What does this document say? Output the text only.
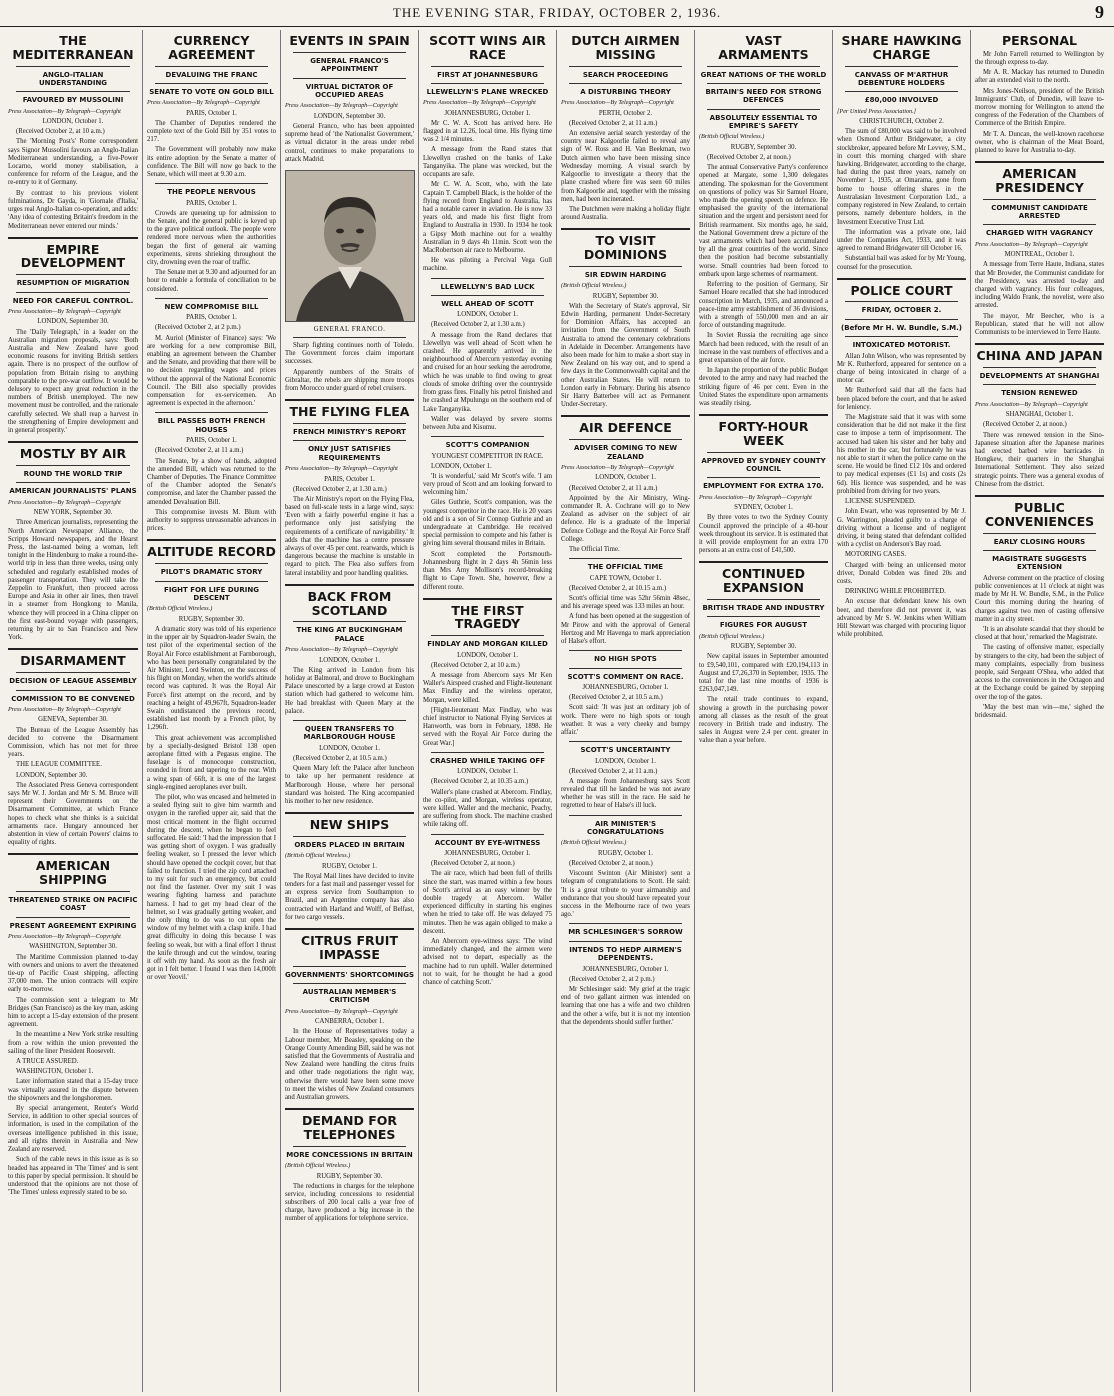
THE EVENING STAR, FRIDAY, OCTOBER 2, 1936.	9
THE MEDITERRANEAN
ANGLO-ITALIAN UNDERSTANDING
FAVOURED BY MUSSOLINI
Press Association—By Telegraph—Copyright
LONDON, October 1.

(Received October 2, at 10 a.m.)

The 'Morning Post's' Rome correspondent says Signor Mussolini favours an Anglo-Italian Mediterranean understanding, a five-Power Locarno, world money stabilisation, a conference for reform of the League, and the re-entry to it of Germany.

By contrast to his previous violent fulminations, Dr Gayda, in 'Giornale d'Italia,' urges real Anglo-Italian co-operation, and adds: 'Any idea of contesting Britain's freedom in the Mediterranean never entered our minds.'

EMPIRE DEVELOPMENT
RESUMPTION OF MIGRATION
NEED FOR CAREFUL CONTROL.
Press Association—By Telegraph—Copyright
LONDON, September 30.

The 'Daily Telegraph,' in a leader on the Australian migration proposals, says: 'Both Australia and New Zealand have good economic reasons for inviting British settlers again. There is no prospect of the outflow of population from Britain rising to anything comparable to the pre-war outflow. It would be delusory to expect any great reduction in the numbers of British unemployed. The new movement must be controlled, and the rationale carefully selected. We shall reap a harvest in the strengthening of Empire development and in general prosperity.'

MOSTLY BY AIR
ROUND THE WORLD TRIP
AMERICAN JOURNALISTS' PLANS
Press Association—By Telegraph—Copyright
NEW YORK, September 30.

Three American journalists, representing the North American Newspaper Alliance, the Scripps Howard newspapers, and the Hearst Press, the last-named being a woman, left tonight in the Hindenburg to make a round-the-world trip in less than three weeks, using only scheduled and regularly established modes of passenger transportation. They will take the Zeppelin to Frankfurt, then proceed across Europe and Asia in other air lines, then travel in a steamer from Hongkong to Manila, whence they will proceed in a China clipper on the first east-bound voyage with passengers, returning by air to San Francisco and New York.

DISARMAMENT
DECISION OF LEAGUE ASSEMBLY
COMMISSION TO BE CONVENED
Press Association—By Telegraph—Copyright
GENEVA, September 30.

The Bureau of the League Assembly has decided to convene the Disarmament Commission, which has not met for three years.

THE LEAGUE COMMITTEE.

LONDON, September 30.

The Associated Press Geneva correspondent says Mr W. J. Jordan and Mr S. M. Bruce will represent their Governments on the Disarmament Committee, at which France hopes to check what she thinks is a suicidal armaments race. Hungary announced her abstention in view of certain Powers' claims to equality of rights.

AMERICAN SHIPPING
THREATENED STRIKE ON PACIFIC COAST
PRESENT AGREEMENT EXPIRING
Press Association—By Telegraph—Copyright
WASHINGTON, September 30.

The Maritime Commission planned to-day with owners and unions to avert the threatened tie-up of Pacific Coast shipping, affecting 37,000 men. The union contracts will expire early to-morrow.

The commission sent a telegram to Mr Bridges (San Francisco) as the key man, asking him to accept a 15-day extension of the present agreement.

In the meantime a New York strike resulting from a row within the union prevented the sailing of the liner President Roosevelt.

A TRUCE ASSURED.

WASHINGTON, October 1.

Later information stated that a 15-day truce was virtually assured in the dispute between the shipowners and the longshoremen.

By special arrangement, Reuter's World Service, in addition to other special sources of information, is used in the compilation of the overseas intelligence published in this issue, and all rights therein in Australia and New Zealand are reserved.

Such of the cable news in this issue as is so headed has appeared in 'The Times' and is sent to this paper by special permission. It should be understood that the opinions are not those of 'The Times' unless expressly stated to be so.

CURRENCY AGREEMENT
DEVALUING THE FRANC
SENATE TO VOTE ON GOLD BILL
Press Association—By Telegraph—Copyright
PARIS, October 1.

The Chamber of Deputies rendered the complete text of the Gold Bill by 351 votes to 217.

The Government will probably now make its entire adoption by the Senate a matter of confidence. The Bill will now go back to the Senate, which will meet at 9.30 a.m.

THE PEOPLE NERVOUS
PARIS, October 1.

Crowds are queueing up for admission to the Senate, and the general public is keyed up to the grave political outlook. The people were rendered more nervous when the authorities began the first of general air warning experiments, sirens shrieking throughout the city, drowning even the roar of traffic.

The Senate met at 9.30 and adjourned for an hour to enable a formula of conciliation to be considered.

NEW COMPROMISE BILL
PARIS, October 1.

(Received October 2, at 2 p.m.)

M. Auriol (Minister of Finance) says: 'We are working for a new compromise Bill, enabling an agreement between the Chamber and the Senate, and providing that there will be no decision regarding wages and prices without the approval of the National Economic Council. The Bill also specially provides compensation for ex-servicemen. An agreement is expected in the afternoon.'

BILL PASSES BOTH FRENCH HOUSES
PARIS, October 1.

(Received October 2, at 11 a.m.)

The Senate, by a show of hands, adopted the amended Bill, which was returned to the Chamber of Deputies. The Finance Committee of the Chamber adopted the Senate's compromise, and later the Chamber passed the amended Devaluation Bill.

This compromise invests M. Blum with authority to suppress unreasonable advances in prices.

ALTITUDE RECORD
PILOT'S DRAMATIC STORY
FIGHT FOR LIFE DURING DESCENT
(British Official Wireless.)
RUGBY, September 30.

A dramatic story was told of his experience in the upper air by Squadron-leader Swain, the test pilot of the experimental section of the Royal Air Force establishment at Farnborough, who has been personally congratulated by the Air Minister, Lord Swinton, on the success of his flight on Monday, when the world's altitude record was captured. It was the Royal Air Force's first attempt on the record, and by reaching a height of 49,967ft, Squadron-leader Swain outdistanced the previous record, established last month by a French pilot, by 1,296ft.

This great achievement was accomplished by a specially-designed Bristol 138 open aeroplane fitted with a Pegasus engine. The fuselage is of monocoque construction, rounded in front and tapering to the rear. With a wing span of 66ft, it is one of the largest single-engined aeroplanes ever built.

The pilot, who was encased and helmeted in a sealed flying suit to give him warmth and oxygen in the rarefied upper air, said that the most critical moment in the flight occurred during the descent, when he began to feel suffocated. He said: 'I had the impression that I was getting short of oxygen. I was gradually feeling weaker, so I pressed the lever which should have opened the cockpit cover, but that failed to function. I tried the zip cord attached to my suit for such an emergency, but could not find the fastener. Over my suit I was wearing fighting harness and parachute harness. I had to get my head clear of the helmet, so I was gradually getting weaker, and the only thing to do was to cut open the window of my helmet with a clasp knife. I had great difficulty in doing this because I was feeling so weak, but with a final effort I thrust the knife through and cut the window, tearing it off with my hand. As soon as the fresh air got in I felt better. I found I was then 14,000ft or over Yeovil.'

EVENTS IN SPAIN
GENERAL FRANCO'S APPOINTMENT
VIRTUAL DICTATOR OF OCCUPIED AREAS
Press Association—By Telegraph—Copyright
LONDON, September 30.

General Franco, who has been appointed supreme head of 'the Nationalist Government,' as virtual dictator in the areas under rebel control, continues to make preparations to attack Madrid.

GENERAL FRANCO.

Sharp fighting continues north of Toledo. The Government forces claim important successes.

Apparently numbers of the Straits of Gibraltar, the rebels are shipping more troops from Morocco under guard of rebel cruisers.

THE FLYING FLEA
FRENCH MINISTRY'S REPORT
ONLY JUST SATISFIES REQUIREMENTS
Press Association—By Telegraph—Copyright
PARIS, October 1.

(Received October 2, at 1.30 a.m.)

The Air Ministry's report on the Flying Flea, based on full-scale tests in a large wind, says: 'Even with a fairly powerful engine it has a performance only just satisfying the requirements of a certificate of navigability.' It adds that the machine has a centre pressure always of over 45 per cent. rearwards, which is dangerous because the machine is unstable in regard to pitch. The Flea also suffers from lateral instability and poor handling qualities.

BACK FROM SCOTLAND
THE KING AT BUCKINGHAM PALACE
Press Association—By Telegraph—Copyright
LONDON, October 1.

The King arrived in London from his holiday at Balmoral, and drove to Buckingham Palace unescorted by a large crowd at Euston station which had gathered to welcome him. He had breakfast with Queen Mary at the palace.

QUEEN TRANSFERS TO MARLBOROUGH HOUSE
LONDON, October 1.

(Received October 2, at 10.5 a.m.)

Queen Mary left the Palace after luncheon to take up her permanent residence at Marlborough House, where her personal standard was hoisted. The King accompanied his mother to her new residence.

NEW SHIPS
ORDERS PLACED IN BRITAIN
(British Official Wireless.)
RUGBY, October 1.

The Royal Mail lines have decided to invite tenders for a fast mail and passenger vessel for an express service from Southampton to Brazil, and an Argentine company has also contracted with Harland and Wolff, of Belfast, for two cargo vessels.

CITRUS FRUIT IMPASSE
GOVERNMENTS' SHORTCOMINGS
AUSTRALIAN MEMBER'S CRITICISM
Press Association—By Telegraph—Copyright
CANBERRA, October 1.

In the House of Representatives today a Labour member, Mr Beasley, speaking on the Orange County Amending Bill, said he was not satisfied that the Governments of Australia and New Zealand were handling the citrus fruits and other trade negotiations the right way, otherwise there would have been some move to meet the wishes of New Zealand consumers and Australian growers.

DEMAND FOR TELEPHONES
MORE CONCESSIONS IN BRITAIN
(British Official Wireless.)
RUGBY, September 30.

The reductions in charges for the telephone service, including concessions to residential subscribers of 200 local calls a year free of charge, have produced a big increase in the number of applications for telephone service.

SCOTT WINS AIR RACE
FIRST AT JOHANNESBURG
LLEWELLYN'S PLANE WRECKED
Press Association—By Telegraph—Copyright
JOHANNESBURG, October 1.

Mr C. W. A. Scott has arrived here. He flagged in at 12.26, local time. His flying time was 2 1/4 minutes.

A message from the Rand states that Llewellyn crashed on the banks of Lake Tanganyika. The plane was wrecked, but the occupants are safe.

Mr C. W. A. Scott, who, with the late Captain T. Campbell Black, is the holder of the flying record from England to Australia, has had a notable career in aviation. He is now 33 years old, and made his first flight from England to Australia in 1930. In 1934 he took a Gipsy Moth machine out for a wealthy Australian in 9 days 4h 11min. Scott won the MacRobertson air race to Melbourne.

He was piloting a Percival Vega Gull machine.

LLEWELLYN'S BAD LUCK
WELL AHEAD OF SCOTT
LONDON, October 1.

(Received October 2, at 1.30 a.m.)

A message from the Rand declares that Llewellyn was well ahead of Scott when he crashed. He apparently arrived in the neighbourhood of Abercorn yesterday evening and cruised for an hour seeking the aerodrome, which he was unable to find owing to great clouds of smoke drifting over the countryside from grass fires. Finally his petrol finished and he crashed at Mpulungu on the southern end of Lake Tanganyika.

Waller was delayed by severe storms between Juba and Kisumu.

SCOTT'S COMPANION
YOUNGEST COMPETITOR IN RACE.

LONDON, October 1.

'It is wonderful,' said Mr Scott's wife. 'I am very proud of Scott and am looking forward to welcoming him.'

Giles Guthrie, Scott's companion, was the youngest competitor in the race. He is 20 years old and is a son of Sir Connop Guthrie and an undergraduate at Cambridge. He received special permission to compete and his father is giving him several thousand miles in Britain.

Scott completed the Portsmouth-Johannesburg flight in 2 days 4h 56min less than Mrs Amy Mollison's record-breaking flight to Cape Town. She, however, flew a different route.

THE FIRST TRAGEDY
FINDLAY AND MORGAN KILLED
LONDON, October 1.

(Received October 2, at 10 a.m.)

A message from Abercorn says Mr Ken Waller's Airspeed crashed and Flight-lieutenant Max Findlay and the wireless operator, Morgan, were killed.

[Flight-lieutenant Max Findlay, who was chief instructor to National Flying Services at Hanworth, was born in February, 1898. He served with the Royal Air Force during the Great War.]

CRASHED WHILE TAKING OFF
LONDON, October 1.

(Received October 2, at 10.35 a.m.)

Waller's plane crashed at Abercorn. Findlay, the co-pilot, and Morgan, wireless operator, were killed. Waller and the mechanic, Peachy, are suffering from shock. The machine crashed while taking off.

ACCOUNT BY EYE-WITNESS
JOHANNESBURG, October 1.

(Received October 2, at noon.)

The air race, which had been full of thrills since the start, was marred within a few hours of Scott's arrival as an easy winner by the double tragedy at Abercorn. Waller experienced difficulty in starting his engines when he tried to take off. He was delayed 75 minutes. Then he was again obliged to make a descent.

An Abercorn eye-witness says: 'The wind immediately changed, and the airmen were advised not to depart, especially as the machine had to run uphill. Waller determined not to wait, for he thought he had a good chance of catching Scott.'

DUTCH AIRMEN MISSING
SEARCH PROCEEDING
A DISTURBING THEORY
Press Association—By Telegraph—Copyright
PERTH, October 2.

(Received October 2, at 11 a.m.)

An extensive aerial search yesterday of the country near Kalgoorlie failed to reveal any sign of W. Ross and H. Van Beekman, two Dutch airmen who have been missing since Wednesday morning. A visual search by Kalgoorlie to investigate a theory that the plane crashed where fire was seen 60 miles from Kalgoorlie and, together with the missing men, had been incinerated.

The Dutchmen were making a holiday flight around Australia.

TO VISIT DOMINIONS
SIR EDWIN HARDING
(British Official Wireless.)
RUGBY, September 30.

With the Secretary of State's approval, Sir Edwin Harding, permanent Under-Secretary for Dominion Affairs, has accepted an invitation from the Government of South Australia to attend the centenary celebrations in Adelaide in December. Arrangements have also been made for him to make a short stay in New Zealand on his way out, and to spend a few days in the Commonwealth capital and the other Australian States. He will return to London early in February. During his absence Sir Harry Batterbee will act as Permanent Under-Secretary.

AIR DEFENCE
ADVISER COMING TO NEW ZEALAND
Press Association—By Telegraph—Copyright
LONDON, October 1.

(Received October 2, at 11 a.m.)

Appointed by the Air Ministry, Wing-commander R. A. Cochrane will go to New Zealand as adviser on the subject of air defence. He is a graduate of the Imperial Defence College and the Royal Air Force Staff College.

The Official Time.

THE OFFICIAL TIME
CAPE TOWN, October 1.

(Received October 2, at 10.15 a.m.)

Scott's official time was 52hr 56min 48sec, and his average speed was 133 miles an hour.

A fund has been opened at the suggestion of Mr Pirow and with the approval of General Hertzog and Mr Havenga to mark appreciation of Halse's effort.

NO HIGH SPOTS
SCOTT'S COMMENT ON RACE.
JOHANNESBURG, October 1.

(Received October 2, at 10.5 a.m.)

Scott said: 'It was just an ordinary job of work. There were no high spots or tough weather. It was a very cheeky and bumpy affair.'

SCOTT'S UNCERTAINTY
LONDON, October 1.

(Received October 2, at 11 a.m.)

A message from Johannesburg says Scott revealed that till he landed he was not aware whether he was still in the race. He said he regretted to hear of Halse's ill luck.

AIR MINISTER'S CONGRATULATIONS
(British Official Wireless.)
RUGBY, October 1.

(Received October 2, at noon.)

Viscount Swinton (Air Minister) sent a telegram of congratulations to Scott. He said: 'It is a great tribute to your airmanship and endurance that you should have repeated your success in the Melbourne race of two years ago.'

MR SCHLESINGER'S SORROW
INTENDS TO HEDP AIRMEN'S DEPENDENTS.
JOHANNESBURG, October 1.

(Received October 2, at 2 p.m.)

Mr Schlesinger said: 'My grief at the tragic end of two gallant airmen was intended on learning that one has a wife and two children and the other a wife, but it is not my intention that the dependents should suffer further.'

VAST ARMAMENTS
GREAT NATIONS OF THE WORLD
BRITAIN'S NEED FOR STRONG DEFENCES
ABSOLUTELY ESSENTIAL TO EMPIRE'S SAFETY
(British Official Wireless.)
RUGBY, September 30.

(Received October 2, at noon.)

The annual Conservative Party's conference opened at Margate, some 1,300 delegates attending. The spokesman for the Government on questions of policy was Sir Samuel Hoare, who made the opening speech on defence. He emphasised the gravity of the international situation and the urgent and persistent need for British rearmament. Six months ago, he said, the National Government drew a picture of the vast armaments which had been accumulated by all the great countries of the world. Since then the position had become substantially worse. Small countries had been forced to embark upon large schemes of rearmament.

Referring to the position of Germany, Sir Samuel Hoare recalled that she had introduced conscription in March, 1935, and announced a peace-time army establishment of 36 divisions, with a strength of 550,000 men and an air force of outstanding magnitude.

In Soviet Russia the recruiting age since March had been reduced, with the result of an increase in the vast numbers of effectives and a great expansion of the air force.

In Japan the proportion of the public Budget devoted to the army and navy had reached the striking figure of 46 per cent. Even in the United States the expenditure upon armaments was steadily rising.

FORTY-HOUR WEEK
APPROVED BY SYDNEY COUNTY COUNCIL
EMPLOYMENT FOR EXTRA 170.
Press Association—By Telegraph—Copyright
SYDNEY, October 1.

By three votes to two the Sydney County Council approved the principle of a 40-hour week throughout its service. It is estimated that it will provide employment for an extra 170 persons at an extra cost of £41,500.

CONTINUED EXPANSION
BRITISH TRADE AND INDUSTRY
FIGURES FOR AUGUST
(British Official Wireless.)
RUGBY, September 30.

New capital issues in September amounted to £9,540,101, compared with £20,194,113 in August and £7,26,370 in September, 1935. The total for the last nine months of 1936 is £263,047,149.

The retail trade continues to expand, showing a growth in the purchasing power among all classes as the result of the great recovery in British trade and industry. The sales in August were 2.4 per cent. greater in value than a year before.

SHARE HAWKING CHARGE
CANVASS OF M'ARTHUR DEBENTURE HOLDERS
£80,000 INVOLVED
[Per United Press Association.]
CHRISTCHURCH, October 2.

The sum of £80,000 was said to be involved when Osmond Arthur Bridgewater, a city stockbroker, appeared before Mr Levvey, S.M., in court this morning charged with share hawking. Bridgewater, according to the charge, had during the past three years, namely on November 1, 1935, at Omarama, gone from home to house offering shares in the Australasian Investment Corporation Ltd., a company registered in New Zealand, to certain persons, namely debenture holders, in the Investment Executive Trust Ltd.

The information was a private one, laid under the Companies Act, 1933, and it was agreed to remand Bridgewater till October 16.

Substantial bail was asked for by Mr Young, counsel for the prosecution.

POLICE COURT
FRIDAY, OCTOBER 2.
(Before Mr H. W. Bundle, S.M.)
INTOXICATED MOTORIST.

Allan John Wilson, who was represented by Mr K. Rutherford, appeared for sentence on a charge of being intoxicated in charge of a motor car.

Mr Rutherford said that all the facts had been placed before the court, and that he asked for leniency.

The Magistrate said that it was with some consideration that he did not make it the first case to impose a term of imprisonment. The accused had taken his sister and her baby and his mother in the car, but fortunately he was not able to start it when the police came on the scene. He would be fined £12 10s and ordered to pay medical expenses (£1 1s) and costs (2s 6d). His licence was suspended, and he was prohibited from driving for two years.

LICENSE SUSPENDED.

John Ewart, who was represented by Mr J. G. Warrington, pleaded guilty to a charge of driving without a license and of negligent driving, it being stated that defendant collided with a cyclist on Anderson's Bay road.

MOTORING CASES.

Charged with being an unlicensed motor driver, Donald Cobden was fined 20s and costs.

DRINKING WHILE PROHIBITED.

An excuse that defendant knew his own beer, and therefore did not prevent it, was advanced by Mr S. W. Jenkins when William Hill Stewart was charged with procuring liquor while prohibited.

PERSONAL

Mr John Farrell returned to Wellington by the through express to-day.

Mr A. R. Mackay has returned to Dunedin after an extended visit to the north.

Mrs Jones-Neilson, president of the British Immigrants' Club, of Dunedin, will leave to-morrow morning for Wellington to attend the congress of the Federation of the Chambers of Commerce of the British Empire.

Mr T. A. Duncan, the well-known racehorse owner, who is chairman of the Meat Board, planned to leave for Australia to-day.

AMERICAN PRESIDENCY
COMMUNIST CANDIDATE ARRESTED
CHARGED WITH VAGRANCY
Press Association—By Telegraph—Copyright
MONTREAL, October 1.

A message from Terre Haute, Indiana, states that Mr Browder, the Communist candidate for the Presidency, was arrested to-day and charged with vagrancy. His four colleagues, including Waldo Frank, the novelist, were also arrested.

The mayor, Mr Beecher, who is a Republican, stated that he will not allow Communists to be interviewed in Terre Haute.

CHINA AND JAPAN
DEVELOPMENTS AT SHANGHAI
TENSION RENEWED
Press Association—By Telegraph—Copyright
SHANGHAI, October 1.

(Received October 2, at noon.)

There was renewed tension in the Sino-Japanese situation after the Japanese marines had erected barbed wire barricades in Hongkew, their quarters in the Shanghai International Settlement. They also seized strategic points. There was a general exodus of Chinese from the district.

PUBLIC CONVENIENCES
EARLY CLOSING HOURS
MAGISTRATE SUGGESTS EXTENSION

Adverse comment on the practice of closing public conveniences at 11 o'clock at night was made by Mr H. W. Bundle, S.M., in the Police Court this morning during the hearing of charges against two men of casting offensive matter in a city street.

'It is an absolute scandal that they should be closed at that hour,' remarked the Magistrate.

The casting of offensive matter, especially by strangers to the city, had been the subject of many complaints, especially from business people, said Sergeant O'Shea, who added that access to the conveniences in the Octagon and at the Exchange could be gained by stepping over the top of the gates.

'May the best man win—me,' sighed the bridesmaid.
